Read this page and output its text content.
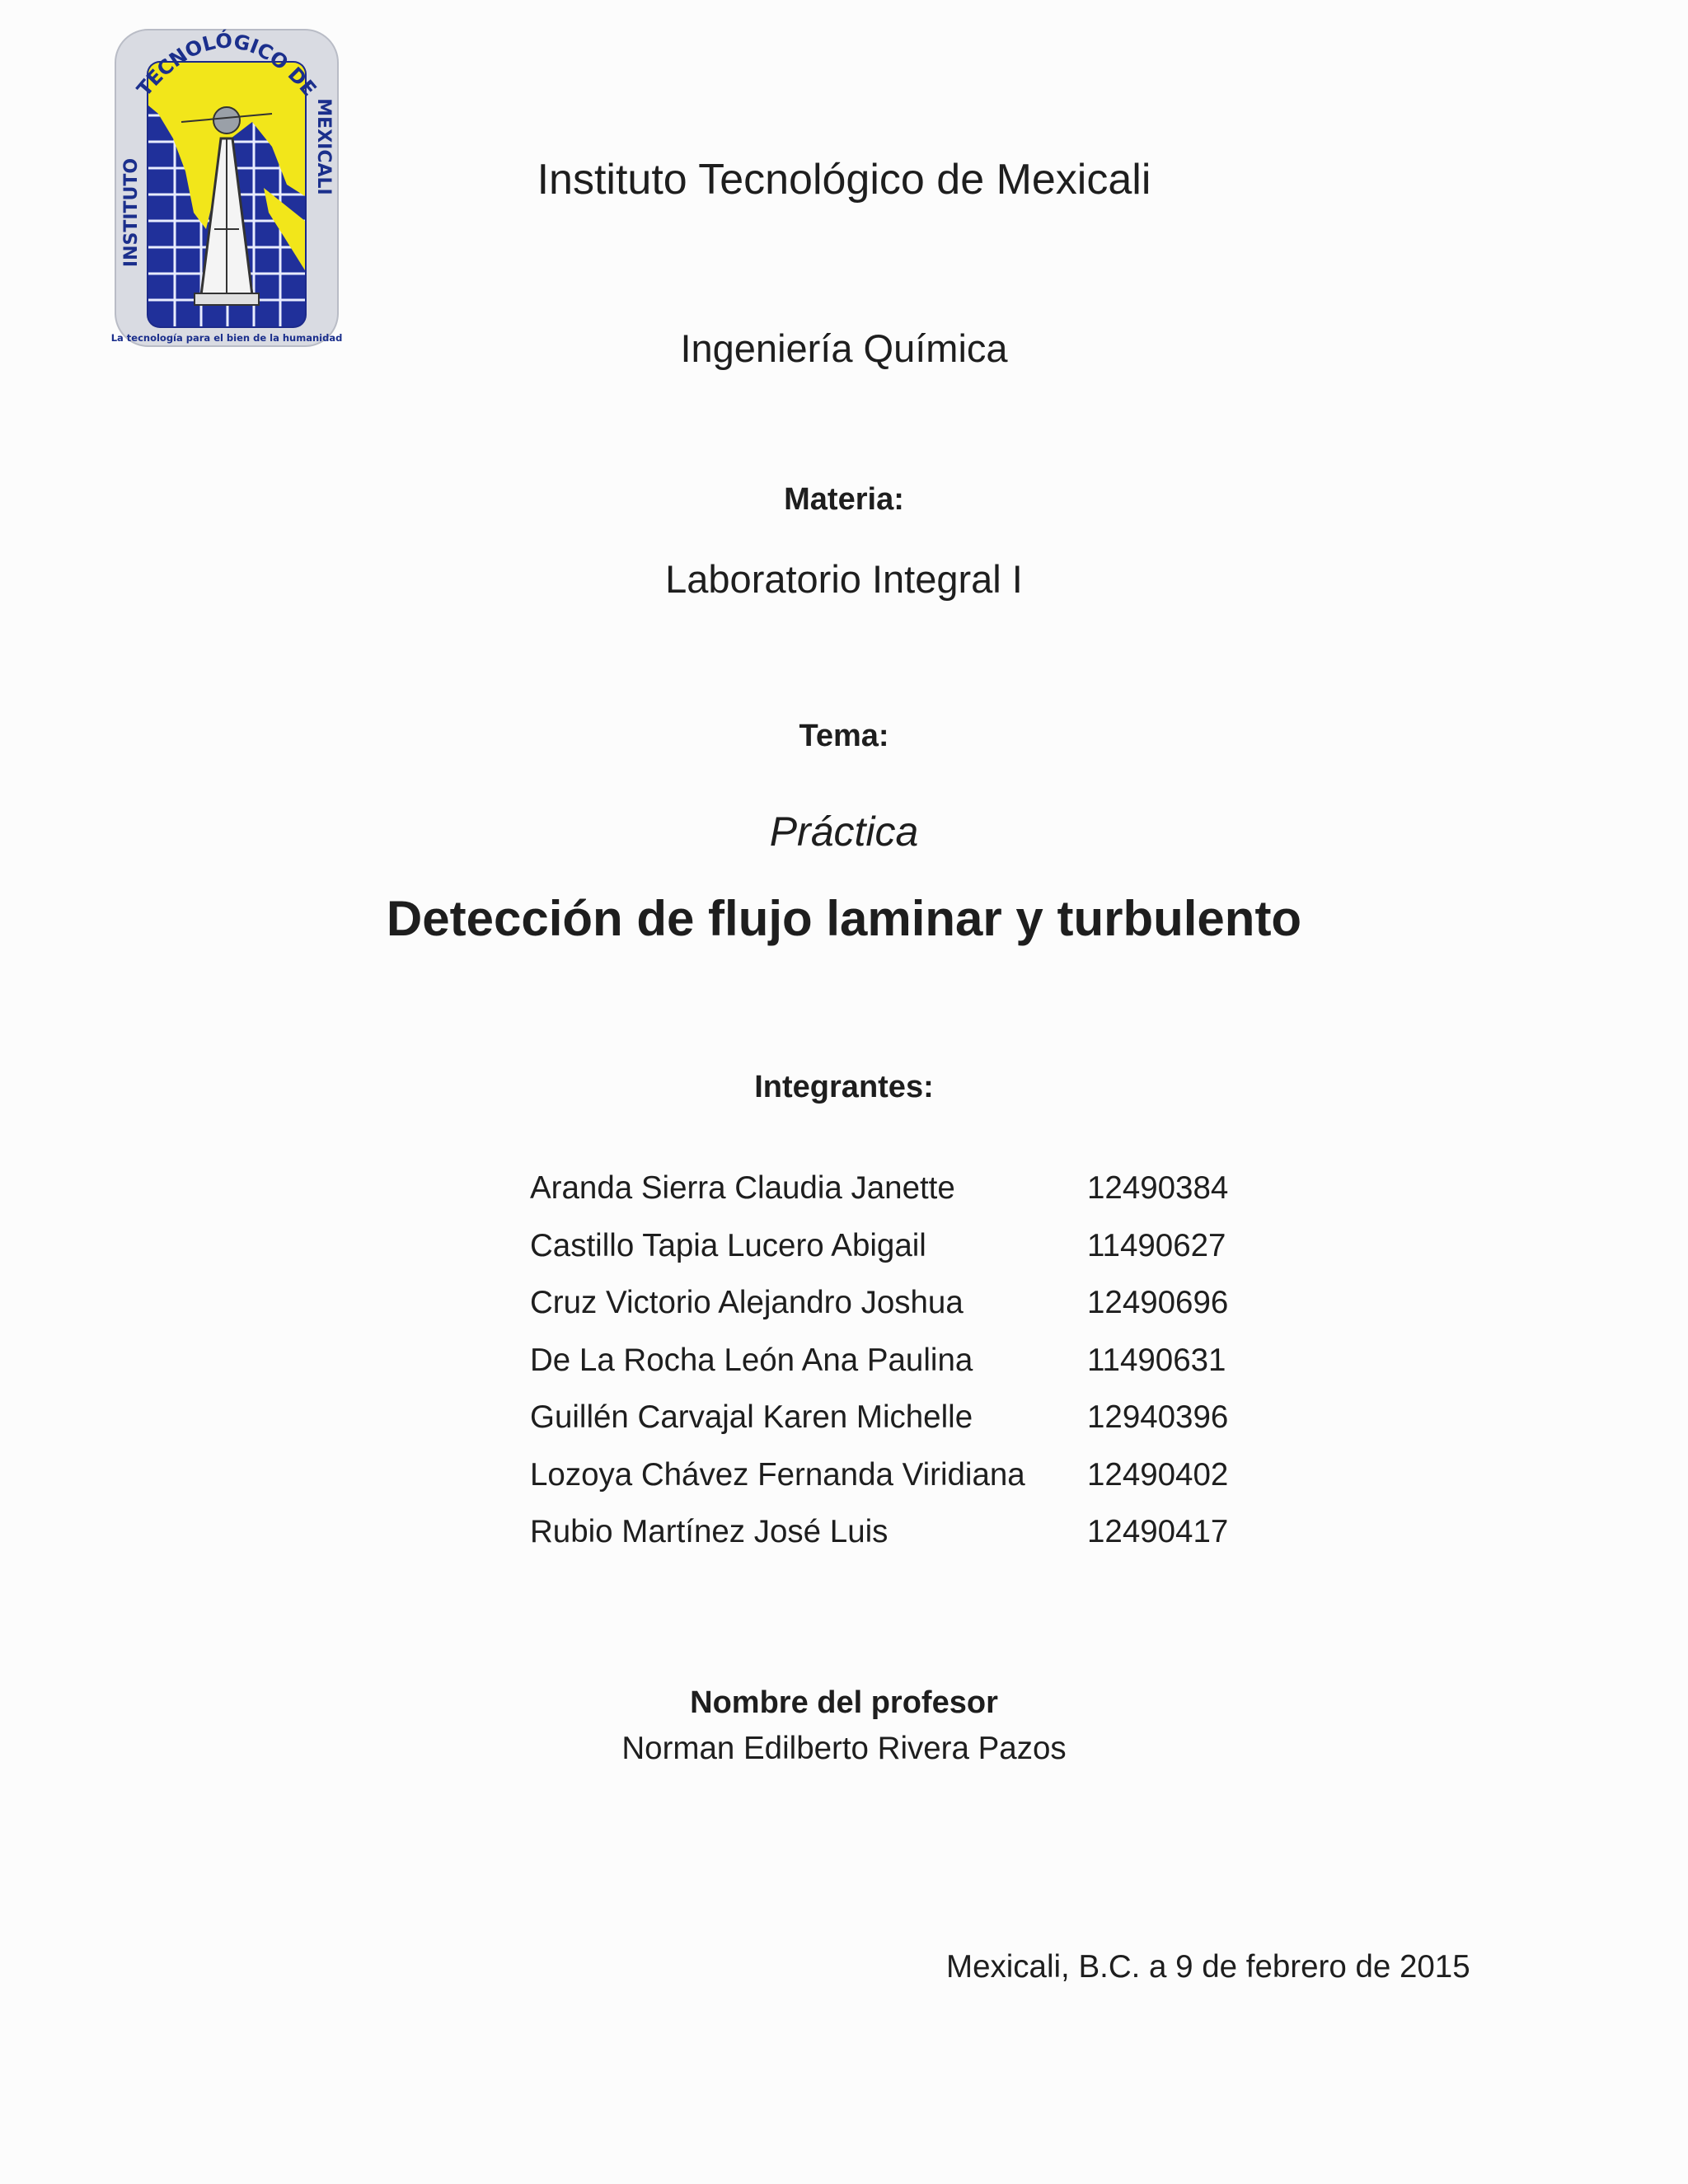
TECNOLÓGICO DE
INSTITUTO
MEXICALI
La tecnología para el bien de la humanidad
Instituto Tecnológico de Mexicali
Ingeniería Química
Materia:
Laboratorio Integral I
Tema:
Práctica
Detección de flujo laminar y turbulento
Integrantes:
Aranda Sierra Claudia Janette	12490384
Castillo Tapia Lucero Abigail	11490627
Cruz Victorio Alejandro Joshua	12490696
De La Rocha León Ana Paulina	11490631
Guillén Carvajal Karen Michelle	12940396
Lozoya Chávez Fernanda Viridiana 12490402
Rubio Martínez José Luis	12490417
Nombre del profesor
Norman Edilberto Rivera Pazos
Mexicali, B.C. a 9 de febrero de 2015
